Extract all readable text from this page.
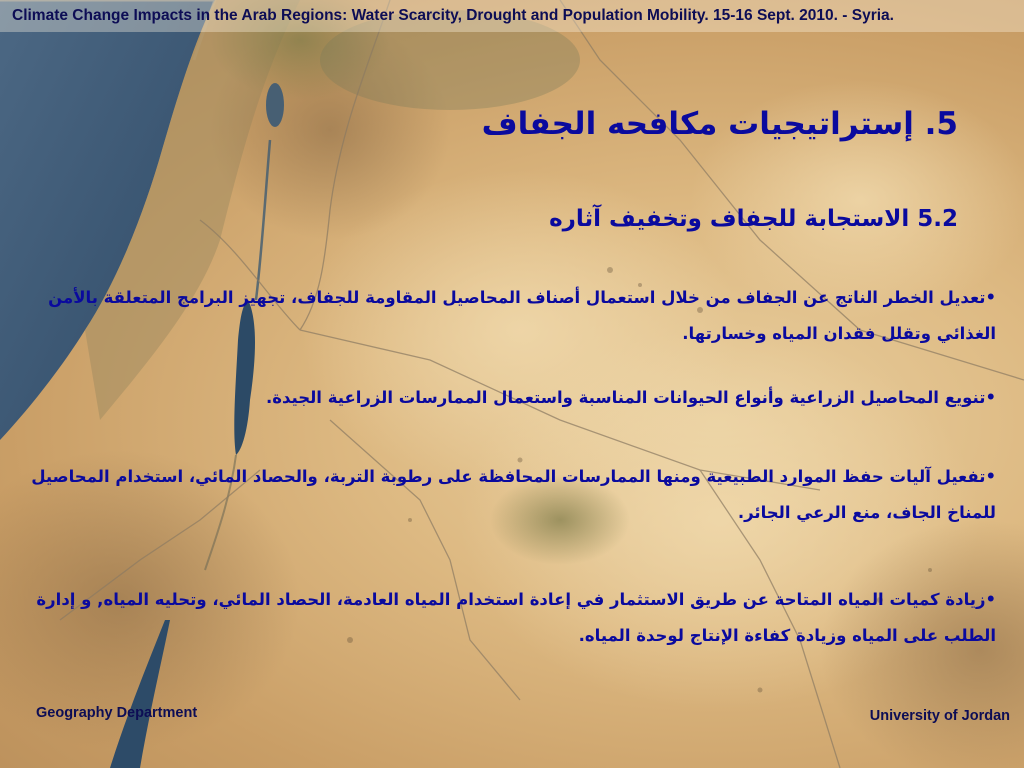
Climate Change Impacts in the Arab Regions: Water Scarcity, Drought and Population Mobility. 15-16 Sept. 2010. - Syria.
5. إستراتيجيات مكافحه الجفاف
5.2 الاستجابة للجفاف وتخفيف آثاره
•تعديل الخطر الناتج عن الجفاف من خلال استعمال أصناف المحاصيل المقاومة للجفاف، تجهيز البرامج المتعلقة بالأمن الغذائي وتقلل فقدان المياه وخسارتها.
•تنويع المحاصيل الزراعية وأنواع الحيوانات المناسبة واستعمال الممارسات الزراعية الجيدة.
•تفعيل آليات حفظ الموارد الطبيعية ومنها الممارسات المحافظة على رطوبة التربة، والحصاد المائي، استخدام المحاصيل للمناخ الجاف، منع الرعي الجائر.
•زيادة كميات المياه المتاحة عن طريق الاستثمار في إعادة استخدام المياه العادمة، الحصاد المائي، وتحليه المياه, و إدارة الطلب على المياه وزيادة كفاءة الإنتاج لوحدة المياه.
Geography Department	University of Jordan
